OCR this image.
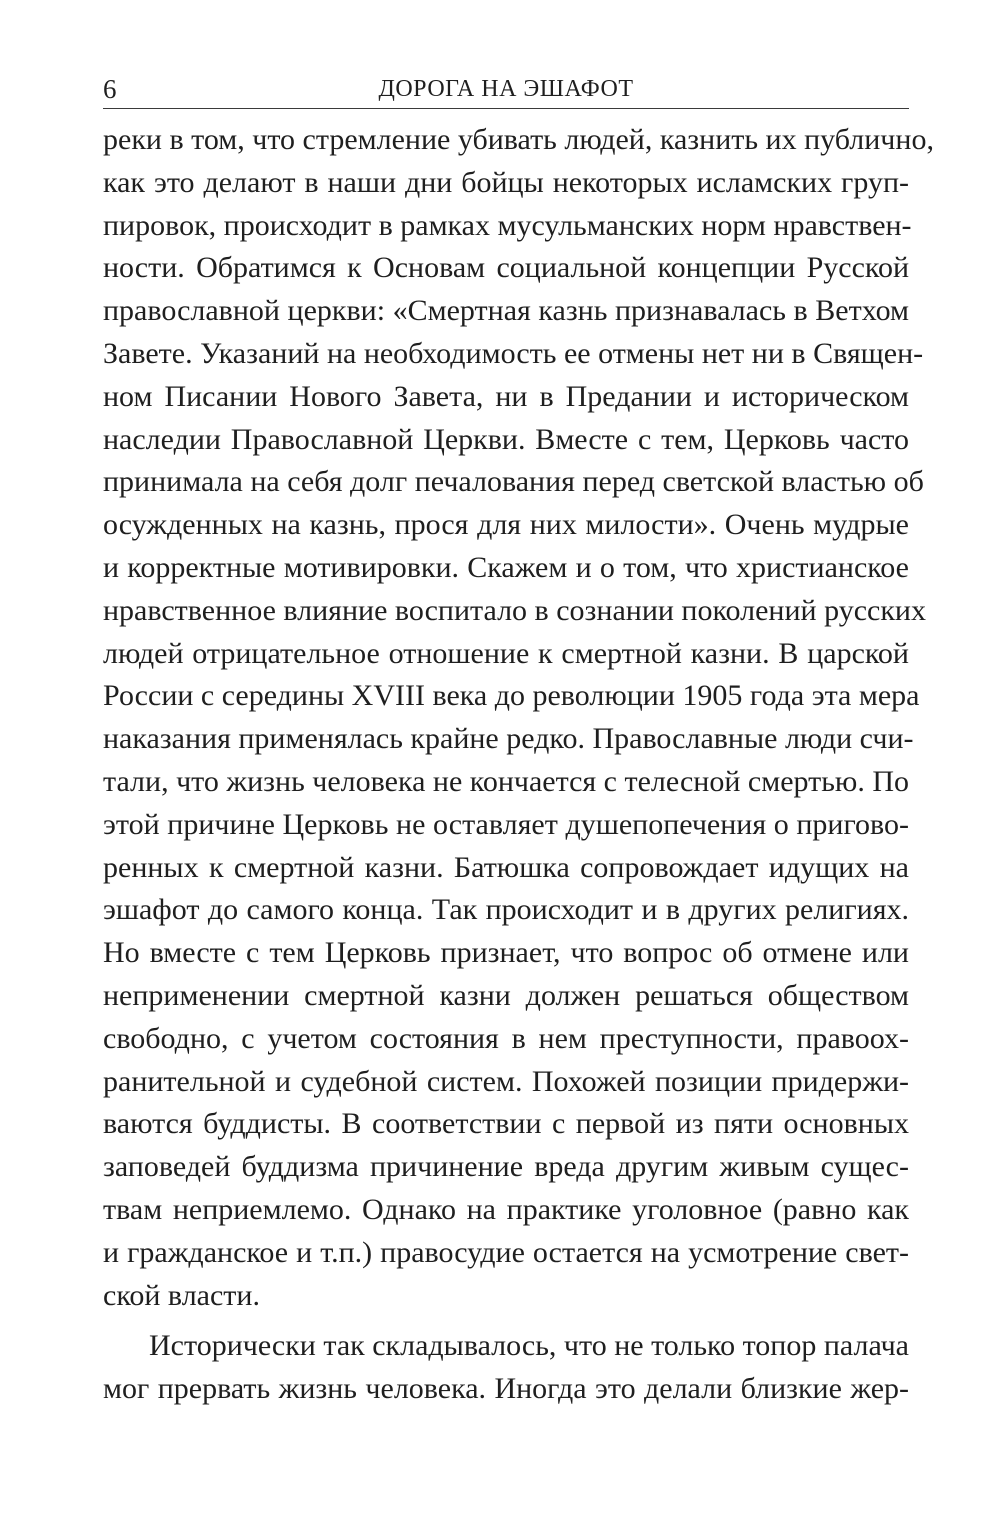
6	ДОРОГА НА ЭШАФОТ
реки в том, что стремление убивать людей, казнить их публично,
как это делают в наши дни бойцы некоторых исламских груп-
пировок, происходит в рамках мусульманских норм нравствен-
ности. Обратимся к Основам социальной концепции Русской
православной церкви: «Смертная казнь признавалась в Ветхом
Завете. Указаний на необходимость ее отмены нет ни в Священ-
ном Писании Нового Завета, ни в Предании и историческом
наследии Православной Церкви. Вместе с тем, Церковь часто
принимала на себя долг печалования перед светской властью об
осужденных на казнь, прося для них милости». Очень мудрые
и корректные мотивировки. Скажем и о том, что христианское
нравственное влияние воспитало в сознании поколений русских
людей отрицательное отношение к смертной казни. В царской
России с середины XVIII века до революции 1905 года эта мера
наказания применялась крайне редко. Православные люди счи-
тали, что жизнь человека не кончается с телесной смертью. По
этой причине Церковь не оставляет душепопечения о пригово-
ренных к смертной казни. Батюшка сопровождает идущих на
эшафот до самого конца. Так происходит и в других религиях.
Но вместе с тем Церковь признает, что вопрос об отмене или
неприменении смертной казни должен решаться обществом
свободно, с учетом состояния в нем преступности, правоох-
ранительной и судебной систем. Похожей позиции придержи-
ваются буддисты. В соответствии с первой из пяти основных
заповедей буддизма причинение вреда другим живым сущес-
твам неприемлемо. Однако на практике уголовное (равно как
и гражданское и т.п.) правосудие остается на усмотрение свет-
ской власти.
Исторически так складывалось, что не только топор палача
мог прервать жизнь человека. Иногда это делали близкие жер-
